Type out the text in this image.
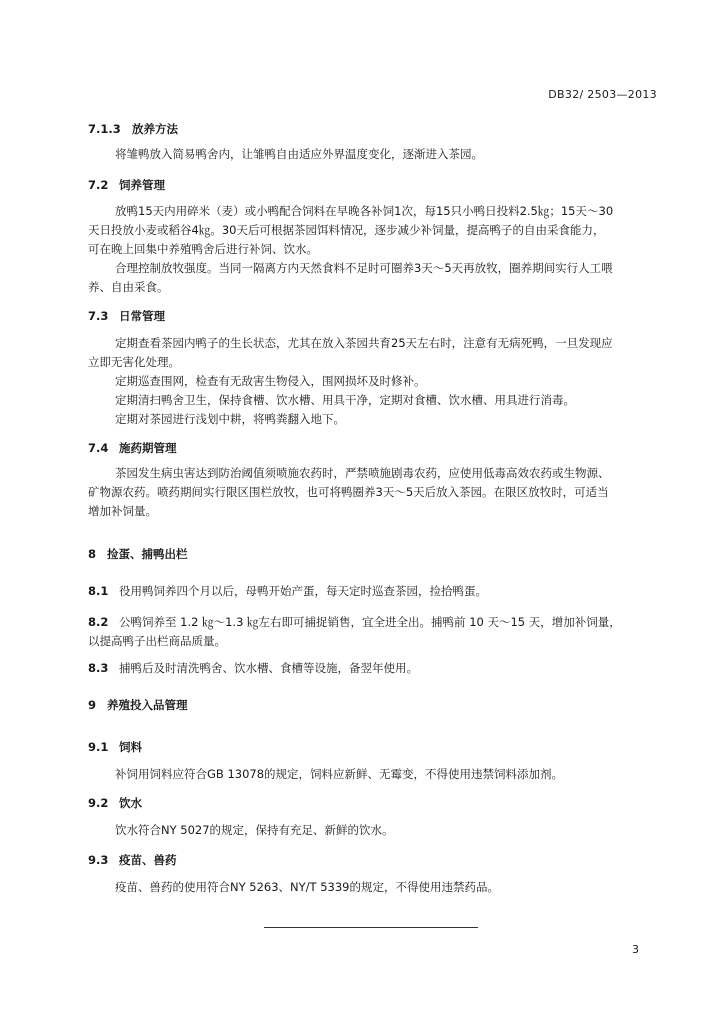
DB32/ 2503—2013
7.1.3 放养方法
将雏鸭放入简易鸭舍内，让雏鸭自由适应外界温度变化，逐渐进入茶园。
7.2 饲养管理
放鸭15天内用碎米（麦）或小鸭配合饲料在早晚各补饲1次，每15只小鸭日投料2.5㎏；15天～30
天日投放小麦或稻谷4㎏。30天后可根据茶园饵料情况，逐步减少补饲量，提高鸭子的自由采食能力，
可在晚上回集中养殖鸭舍后进行补饲、饮水。
合理控制放牧强度。当同一隔离方内天然食料不足时可圈养3天～5天再放牧，圈养期间实行人工喂
养、自由采食。
7.3 日常管理
定期查看茶园内鸭子的生长状态，尤其在放入茶园共育25天左右时，注意有无病死鸭，一旦发现应
立即无害化处理。
定期巡查围网，检查有无敌害生物侵入，围网损坏及时修补。
定期清扫鸭舍卫生，保持食槽、饮水槽、用具干净，定期对食槽、饮水槽、用具进行消毒。
定期对茶园进行浅划中耕，将鸭粪翻入地下。
7.4 施药期管理
茶园发生病虫害达到防治阈值须喷施农药时，严禁喷施剧毒农药，应使用低毒高效农药或生物源、
矿物源农药。喷药期间实行限区围栏放牧，也可将鸭圈养3天～5天后放入茶园。在限区放牧时，可适当
增加补饲量。
8 捡蛋、捕鸭出栏
8.1 役用鸭饲养四个月以后，母鸭开始产蛋，每天定时巡查茶园，捡拾鸭蛋。
8.2 公鸭饲养至 1.2 ㎏～1.3 ㎏左右即可捕捉销售，宜全进全出。捕鸭前 10 天～15 天，增加补饲量，
以提高鸭子出栏商品质量。
8.3 捕鸭后及时清洗鸭舍、饮水槽、食槽等设施，备翌年使用。
9 养殖投入品管理
9.1 饲料
补饲用饲料应符合GB 13078的规定，饲料应新鲜、无霉变，不得使用违禁饲料添加剂。
9.2 饮水
饮水符合NY 5027的规定，保持有充足、新鲜的饮水。
9.3 疫苗、兽药
疫苗、兽药的使用符合NY 5263、NY/T 5339的规定，不得使用违禁药品。
3
